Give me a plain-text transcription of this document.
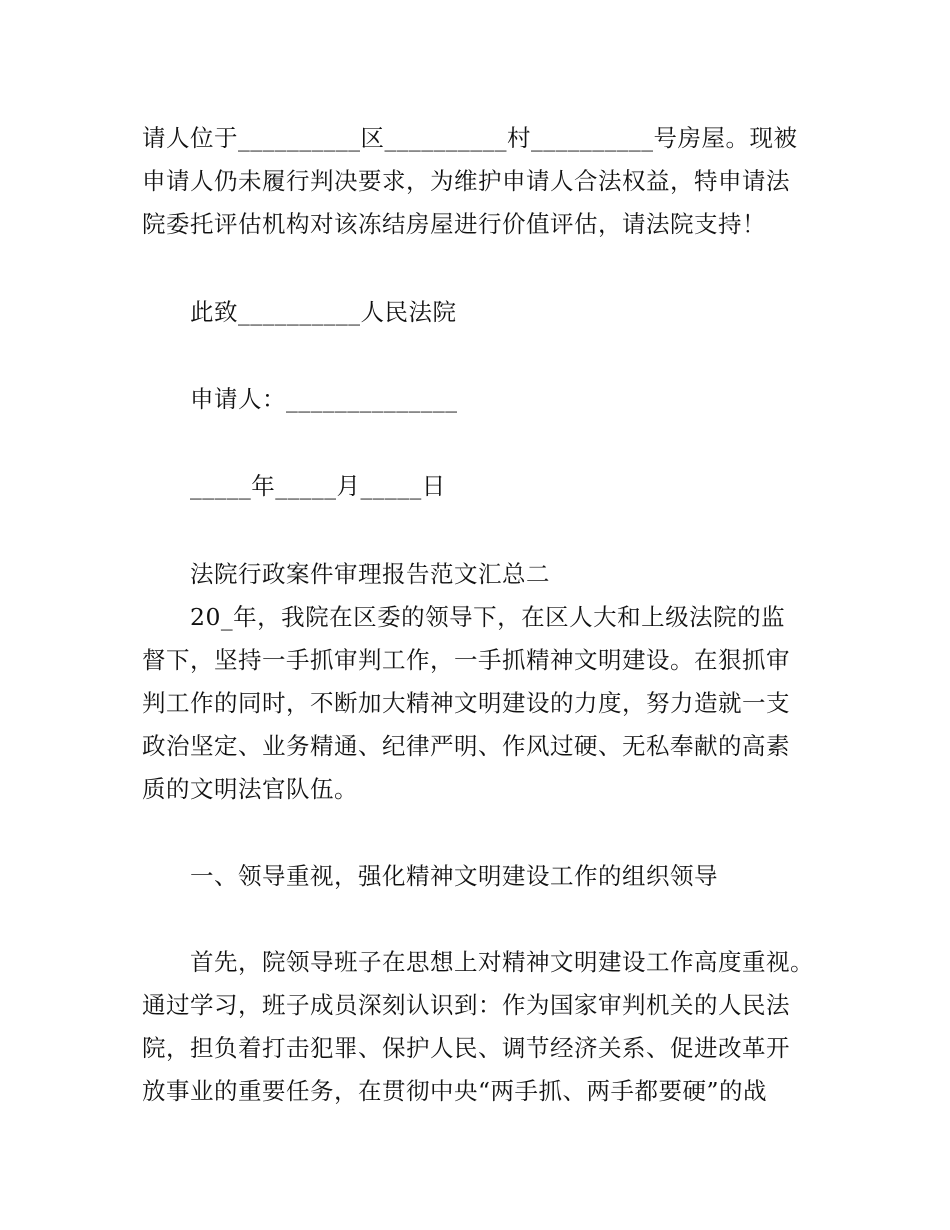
请人位于__________区__________村__________号房屋。现被
申请人仍未履行判决要求，为维护申请人合法权益，特申请法
院委托评估机构对该冻结房屋进行价值评估，请法院支持！
此致__________人民法院
申请人：______________
_____年_____月_____日
法院行政案件审理报告范文汇总二
20_年，我院在区委的领导下，在区人大和上级法院的监
督下，坚持一手抓审判工作，一手抓精神文明建设。在狠抓审
判工作的同时，不断加大精神文明建设的力度，努力造就一支
政治坚定、业务精通、纪律严明、作风过硬、无私奉献的高素
质的文明法官队伍。
一、领导重视，强化精神文明建设工作的组织领导
首先，院领导班子在思想上对精神文明建设工作高度重视。
通过学习，班子成员深刻认识到：作为国家审判机关的人民法
院，担负着打击犯罪、保护人民、调节经济关系、促进改革开
放事业的重要任务，在贯彻中央“两手抓、两手都要硬”的战
